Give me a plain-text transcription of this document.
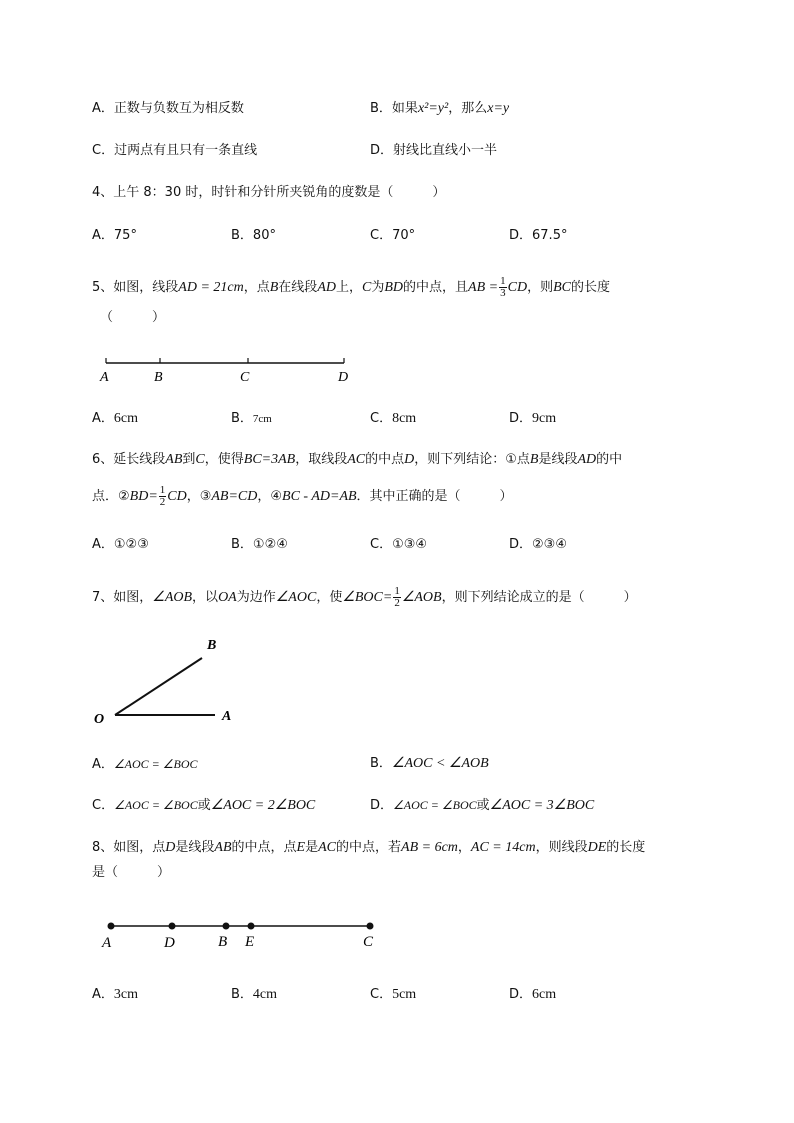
A．正数与负数互为相反数	B．如果x²=y²，那么x=y
C．过两点有且只有一条直线	D．射线比直线小一半
4、上午 8：30 时，时针和分针所夹锐角的度数是（　　　）
A．75°	B．80°	C．70°	D．67.5°
5、如图，线段AD = 21cm，点B在线段AD上，C为BD的中点，且AB = $\frac{1}{3}$ CD，则BC的长度
（　　　）
A	B	C	D
A．6cm	B．7cm	C．8cm	D．9cm
6、延长线段AB到C，使得BC=3AB，取线段AC的中点D，则下列结论：①点B是线段AD的中
点．②BD= $\frac{1}{2}$ CD，③AB=CD，④BC - AD=AB．其中正确的是（　　　）
A．①②③	B．①②④	C．①③④	D．②③④
7、如图，∠AOB，以OA为边作∠AOC，使∠BOC= $\frac{1}{2}$ ∠AOB，则下列结论成立的是（　　　）
B
O	A
A．∠AOC = ∠BOC	B．∠AOC < ∠AOB
C．∠AOC = ∠BOC或∠AOC = 2∠BOC	D．∠AOC = ∠BOC或∠AOC = 3∠BOC
8、如图，点D是线段AB的中点，点E是AC的中点，若AB = 6cm，AC = 14cm，则线段DE的长度
是（　　　）
A	D	B E	C
A．3cm	B．4cm	C．5cm	D．6cm
